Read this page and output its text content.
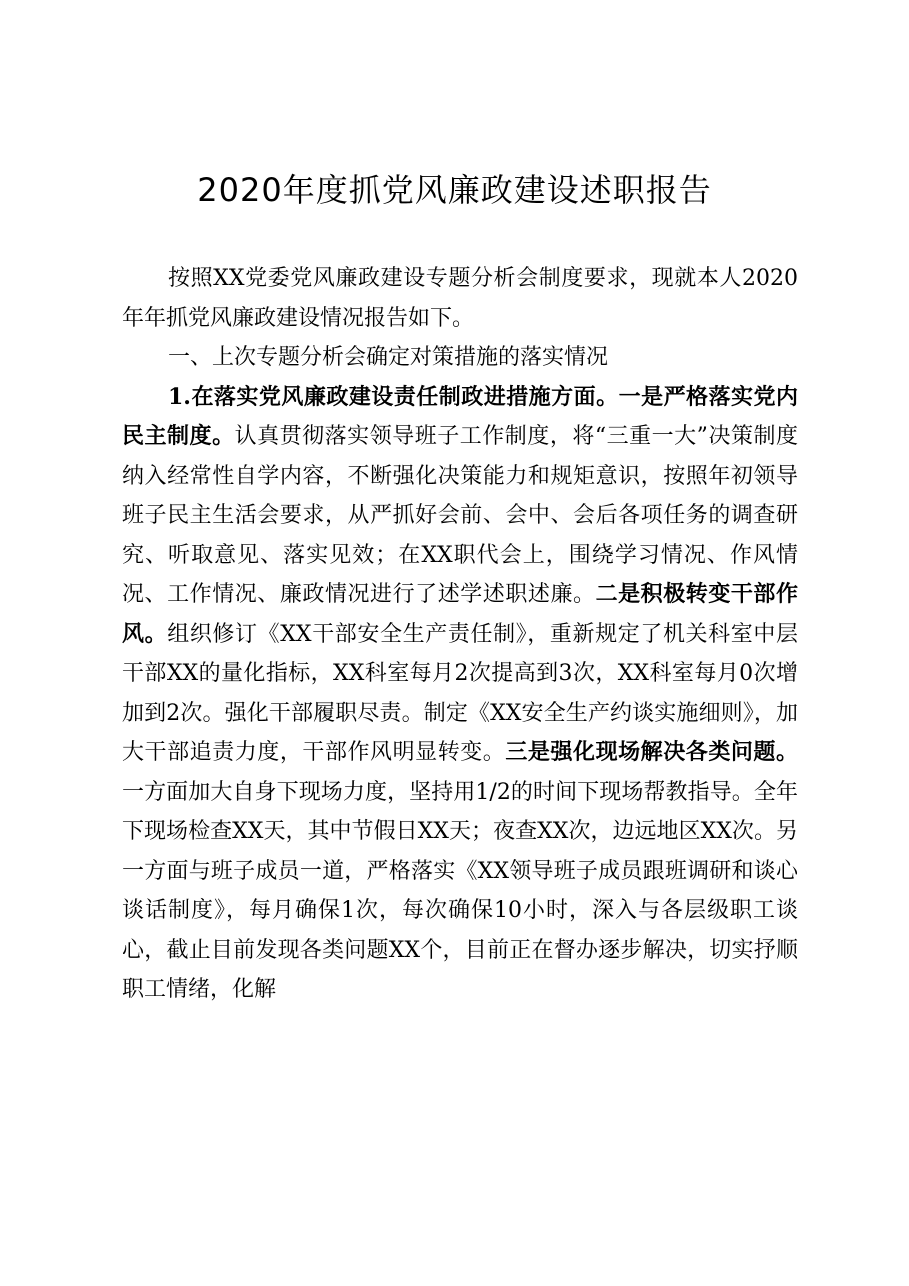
2020年度抓党风廉政建设述职报告

按照XX党委党风廉政建设专题分析会制度要求，现就本人2020年年抓党风廉政建设情况报告如下。

一、上次专题分析会确定对策措施的落实情况

1.在落实党风廉政建设责任制政进措施方面。一是严格落实党内民主制度。认真贯彻落实领导班子工作制度，将“三重一大”决策制度纳入经常性自学内容，不断强化决策能力和规矩意识，按照年初领导班子民主生活会要求，从严抓好会前、会中、会后各项任务的调查研究、听取意见、落实见效；在XX职代会上，围绕学习情况、作风情况、工作情况、廉政情况进行了述学述职述廉。二是积极转变干部作风。组织修订《XX干部安全生产责任制》，重新规定了机关科室中层干部XX的量化指标，XX科室每月2次提高到3次，XX科室每月0次增加到2次。强化干部履职尽责。制定《XX安全生产约谈实施细则》，加大干部追责力度，干部作风明显转变。三是强化现场解决各类问题。一方面加大自身下现场力度，坚持用1/2的时间下现场帮教指导。全年下现场检查XX天，其中节假日XX天；夜查XX次，边远地区XX次。另一方面与班子成员一道，严格落实《XX领导班子成员跟班调研和谈心谈话制度》，每月确保1次，每次确保10小时，深入与各层级职工谈心，截止目前发现各类问题XX个，目前正在督办逐步解决，切实抒顺职工情绪，化解
